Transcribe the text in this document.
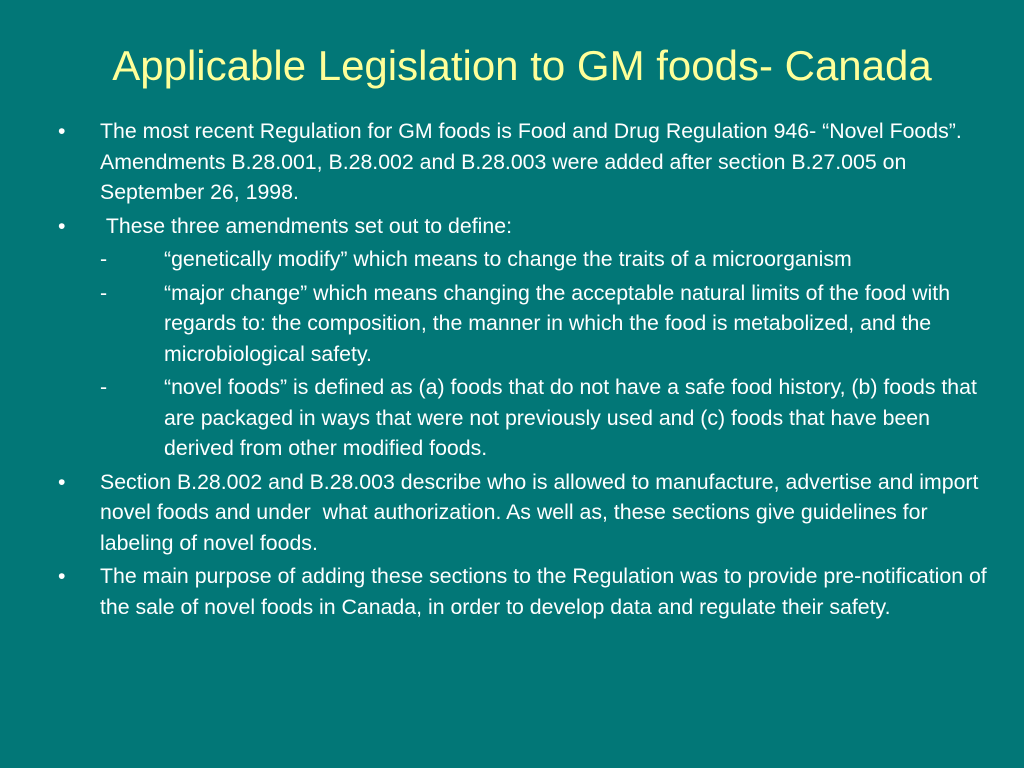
Applicable Legislation to GM foods- Canada
•	The most recent Regulation for GM foods is Food and Drug Regulation 946- “Novel Foods”. Amendments B.28.001, B.28.002 and B.28.003 were added after section B.27.005 on September 26, 1998.
•	These three amendments set out to define:
-	“genetically modify” which means to change the traits of a microorganism
-	“major change” which means changing the acceptable natural limits of the food with regards to: the composition, the manner in which the food is metabolized, and the microbiological safety.
-	“novel foods” is defined as (a) foods that do not have a safe food history, (b) foods that are packaged in ways that were not previously used and (c) foods that have been derived from other modified foods.
•	Section B.28.002 and B.28.003 describe who is allowed to manufacture, advertise and import novel foods and under  what authorization. As well as, these sections give guidelines for labeling of novel foods.
•	The main purpose of adding these sections to the Regulation was to provide pre-notification of the sale of novel foods in Canada, in order to develop data and regulate their safety.
